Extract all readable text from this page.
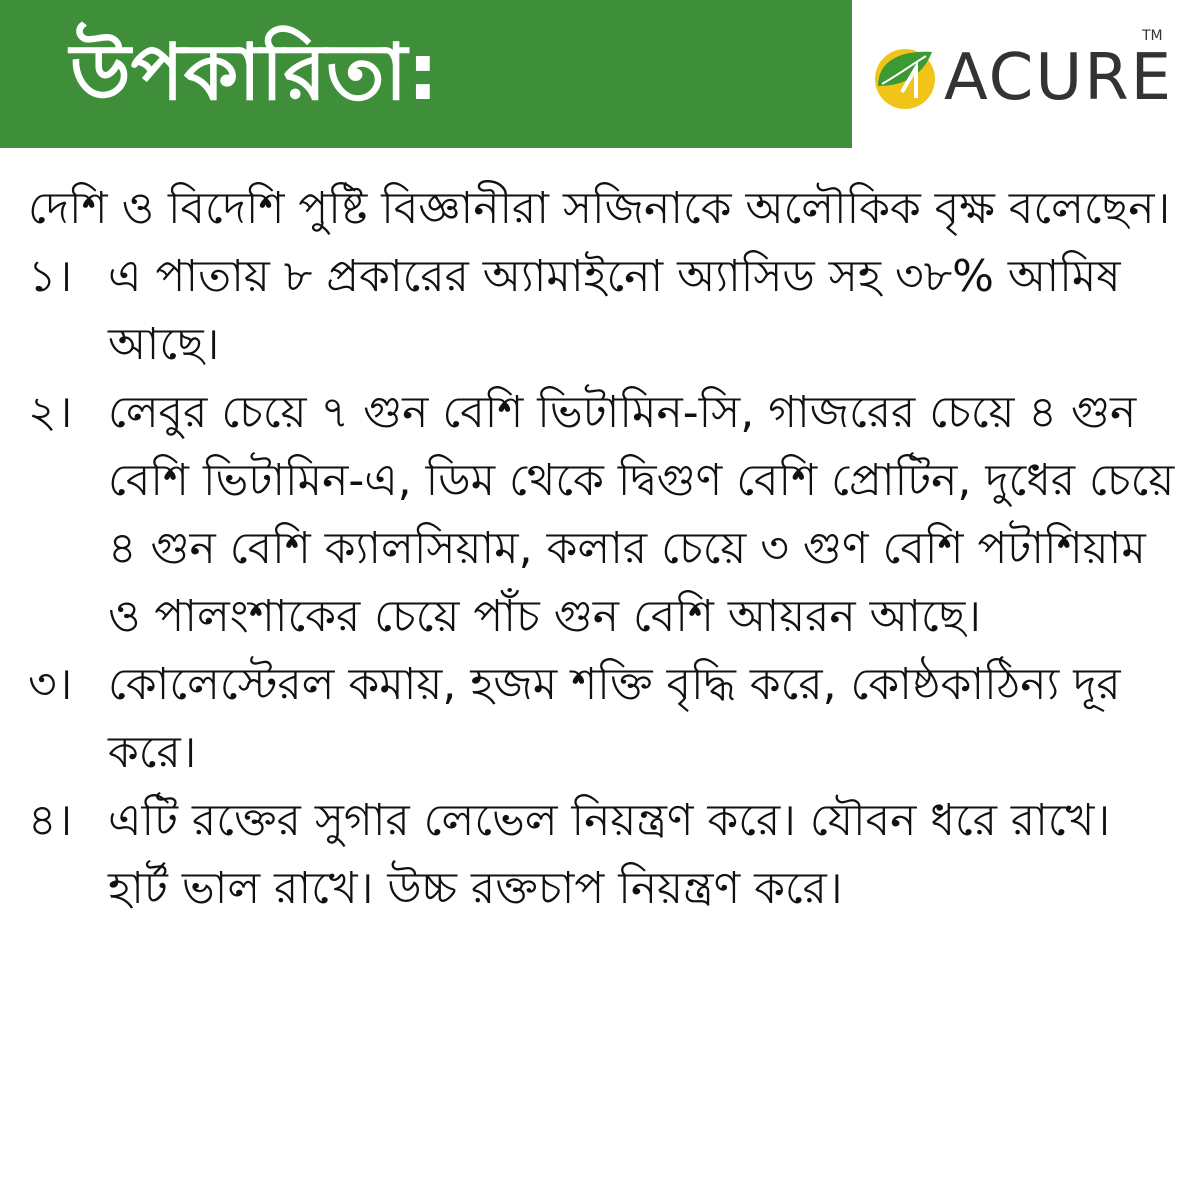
উপকারিতা:	ACURE
TM

দেশি ও বিদেশি পুষ্টি বিজ্ঞানীরা সজিনাকে অলৌকিক বৃক্ষ বলেছেন।

১। এ পাতায় ৮ প্রকারের অ্যামাইনো অ্যাসিড সহ ৩৮% আমিষ আছে।
২। লেবুর চেয়ে ৭ গুন বেশি ভিটামিন-সি, গাজরের চেয়ে ৪ গুন বেশি ভিটামিন-এ, ডিম থেকে দ্বিগুণ বেশি প্রোটিন, দুধের চেয়ে ৪ গুন বেশি ক্যালসিয়াম, কলার চেয়ে ৩ গুণ বেশি পটাশিয়াম ও পালংশাকের চেয়ে পাঁচ গুন বেশি আয়রন আছে।
৩। কোলেস্টেরল কমায়, হজম শক্তি বৃদ্ধি করে, কোষ্ঠকাঠিন্য দূর করে।
৪। এটি রক্তের সুগার লেভেল নিয়ন্ত্রণ করে। যৌবন ধরে রাখে। হার্ট ভাল রাখে। উচ্চ রক্তচাপ নিয়ন্ত্রণ করে।
